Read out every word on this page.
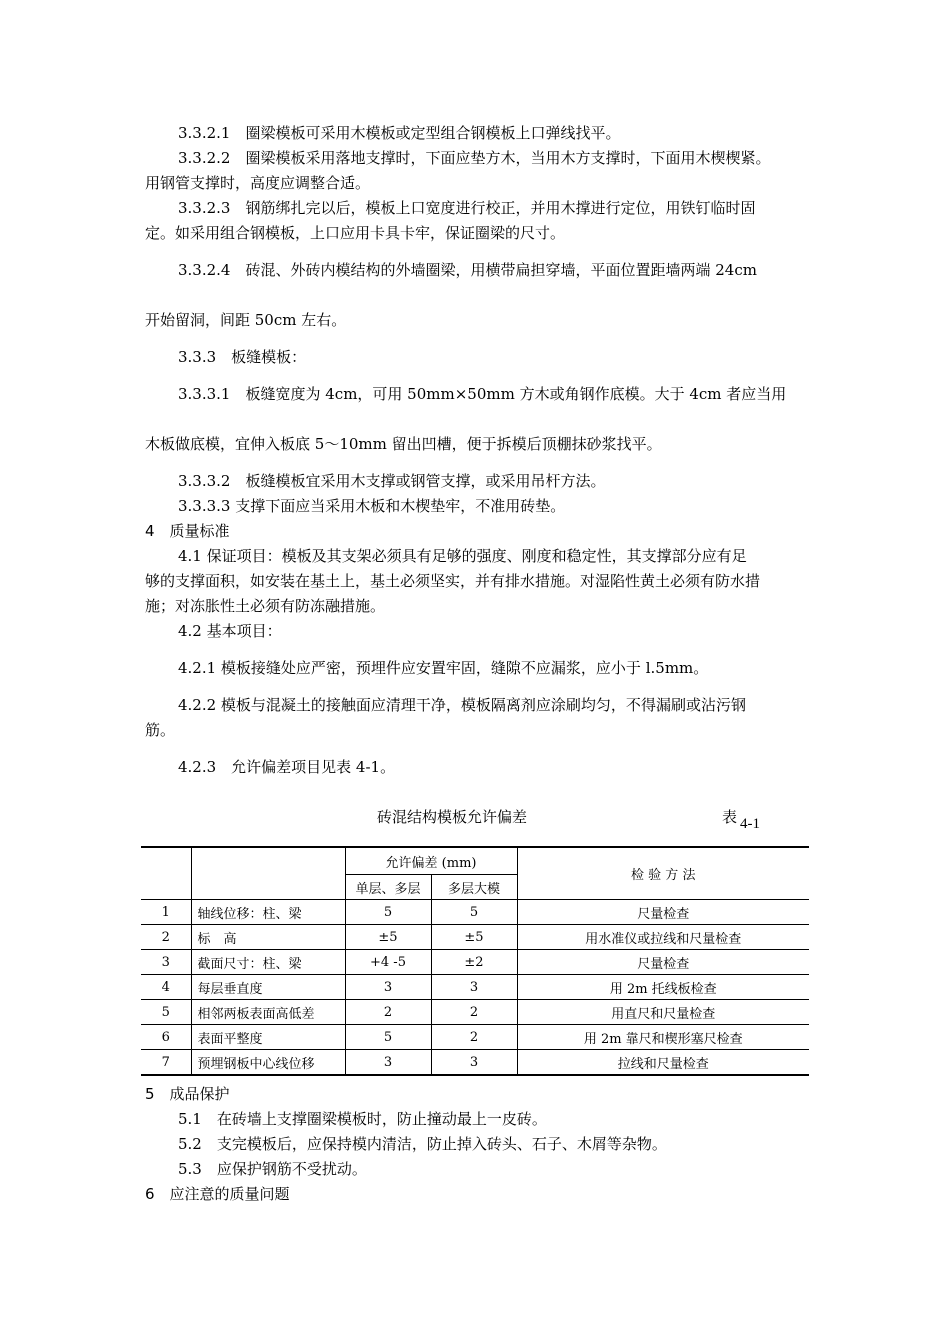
3.3.2.1　圈梁模板可采用木模板或定型组合钢模板上口弹线找平。
3.3.2.2　圈梁模板采用落地支撑时，下面应垫方木，当用木方支撑时，下面用木楔楔紧。
用钢管支撑时，高度应调整合适。
3.3.2.3　钢筋绑扎完以后，模板上口宽度进行校正，并用木撑进行定位，用铁钉临时固
定。如采用组合钢模板，上口应用卡具卡牢，保证圈梁的尺寸。
3.3.2.4　砖混、外砖内模结构的外墙圈梁，用横带扁担穿墙，平面位置距墙两端 24cm
开始留洞，间距 50cm 左右。
3.3.3　板缝模板：
3.3.3.1　板缝宽度为 4cm，可用 50mm×50mm 方木或角钢作底模。大于 4cm 者应当用
木板做底模，宜伸入板底 5～10mm 留出凹槽，便于拆模后顶棚抹砂浆找平。
3.3.3.2　板缝模板宜采用木支撑或钢管支撑，或采用吊杆方法。
3.3.3.3 支撑下面应当采用木板和木楔垫牢，不准用砖垫。
4　质量标准
4.1 保证项目：模板及其支架必须具有足够的强度、刚度和稳定性，其支撑部分应有足
够的支撑面积，如安装在基土上，基土必须坚实，并有排水措施。对湿陷性黄土必须有防水措
施；对冻胀性土必须有防冻融措施。
4.2 基本项目：
4.2.1 模板接缝处应严密，预埋件应安置牢固，缝隙不应漏浆，应小于 l.5mm。
4.2.2 模板与混凝土的接触面应清理干净，模板隔离剂应涂刷均匀，不得漏刷或沾污钢
筋。
4.2.3　允许偏差项目见表 4-1。
砖混结构模板允许偏差	表 4-1
		允许偏差 (mm)		检 验 方 法
		单层、多层	多层大模	
1	轴线位移：柱、梁	5	5	尺量检查
2	标　高	±5	±5	用水准仪或拉线和尺量检查
3	截面尺寸：柱、梁	+4 -5	±2	尺量检查
4	每层垂直度	3	3	用 2m 托线板检查
5	相邻两板表面高低差	2	2	用直尺和尺量检查
6	表面平整度	5	2	用 2m 靠尺和楔形塞尺检查
7	预埋钢板中心线位移	3	3	拉线和尺量检查
5　成品保护
5.1　在砖墙上支撑圈梁模板时，防止撞动最上一皮砖。
5.2　支完模板后，应保持模内清洁，防止掉入砖头、石子、木屑等杂物。
5.3　应保护钢筋不受扰动。
6　应注意的质量问题
